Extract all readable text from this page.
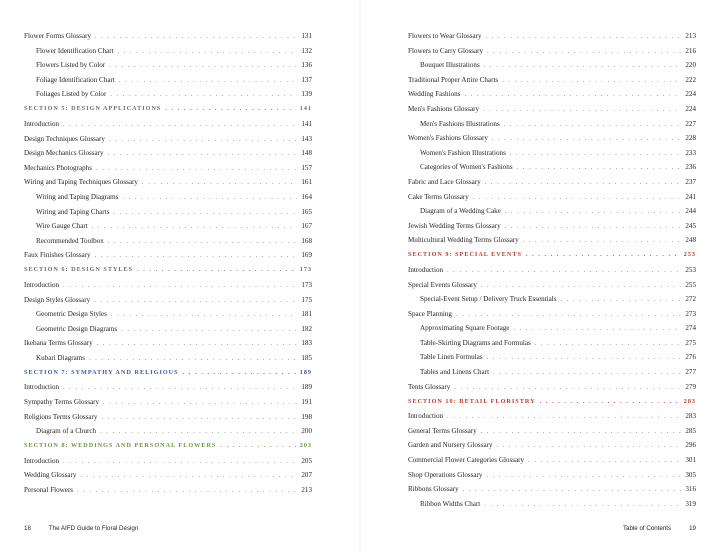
Flower Forms Glossary . . .	131
Flower Identification Chart . . .	132
Flowers Listed by Color . . .	136
Foliage Identification Chart . . .	137
Foliages Listed by Color . . .	139
SECTION 5: DESIGN APPLICATIONS . . .	141
Introduction . . .	141
Design Techniques Glossary . . .	143
Design Mechanics Glossary . . .	148
Mechanics Photographs . . .	157
Wiring and Taping Techniques Glossary . . .	161
Wiring and Taping Diagrams . . .	164
Wiring and Taping Charts . . .	165
Wire Gauge Chart . . .	167
Recommended Toolbox . . .	168
Faux Finishes Glossary . . .	169
SECTION 6: DESIGN STYLES . . .	173
Introduction . . .	173
Design Styles Glossary . . .	175
Geometric Design Styles . . .	181
Geometric Design Diagrams . . .	182
Ikebana Terms Glossary . . .	183
Kubari Diagrams . . .	185
SECTION 7: SYMPATHY AND RELIGIOUS . . .	189
Introduction . . .	189
Sympathy Terms Glossary . . .	191
Religions Terms Glossary . . .	198
Diagram of a Church . . .	200
SECTION 8: WEDDINGS AND PERSONAL FLOWERS . . .	203
Introduction . . .	205
Wedding Glossary . . .	207
Personal Flowers . . .	213
18	The AIFD Guide to Floral Design
Flowers to Wear Glossary . . .	213
Flowers to Carry Glossary . . .	216
Bouquet Illustrations . . .	220
Traditional Proper Attire Charts . . .	222
Wedding Fashions . . .	224
Men's Fashions Glossary . . .	224
Men's Fashions Illustrations . . .	227
Women's Fashions Glossary . . .	228
Women's Fashion Illustrations . . .	233
Categories of Women's Fashions . . .	236
Fabric and Lace Glossary . . .	237
Cake Terms Glossary . . .	241
Diagram of a Wedding Cake . . .	244
Jewish Wedding Terms Glossary . . .	245
Multicultural Wedding Terms Glossary . . .	248
SECTION 9: SPECIAL EVENTS . . .	253
Introduction . . .	253
Special Events Glossary . . .	255
Special-Event Setup / Delivery Truck Essentials . . .	272
Space Planning . . .	273
Approximating Square Footage . . .	274
Table-Skirting Diagrams and Formulas . . .	275
Table Linen Formulas . . .	276
Tables and Linens Chart . . .	277
Tents Glossary . . .	279
SECTION 10: RETAIL FLORISTRY . . .	283
Introduction . . .	283
General Terms Glossary . . .	285
Garden and Nursery Glossary . . .	296
Commercial Flower Categories Glossary . . .	301
Shop Operations Glossary . . .	305
Ribbons Glossary . . .	316
Ribbon Widths Chart . . .	319
Table of Contents	19
